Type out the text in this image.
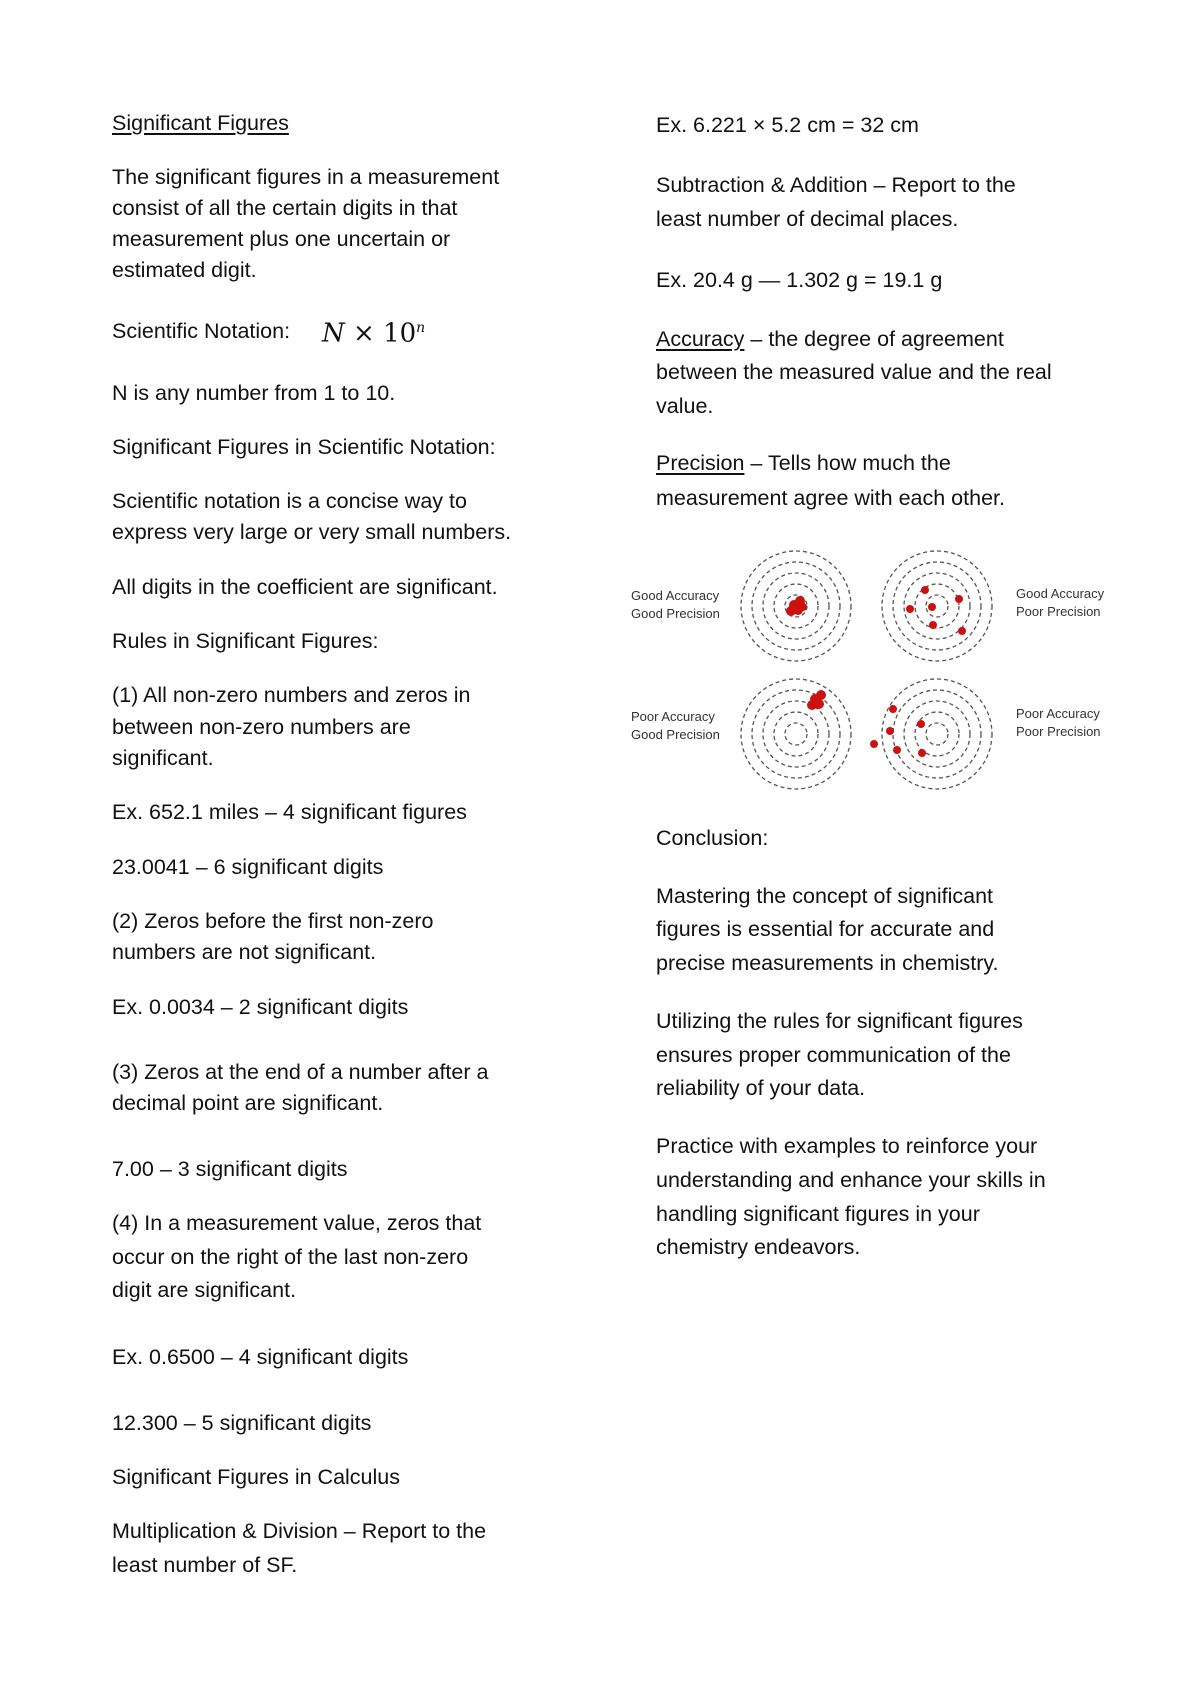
Significant Figures

The significant figures in a measurement

consist of all the certain digits in that

measurement plus one uncertain or

estimated digit.

Scientific Notation: $N \times 10^n$

N is any number from 1 to 10.

Significant Figures in Scientific Notation:

Scientific notation is a concise way to

express very large or very small numbers.

All digits in the coefficient are significant.

Rules in Significant Figures:

(1) All non-zero numbers and zeros in

between non-zero numbers are

significant.

Ex. 652.1 miles – 4 significant figures

23.0041 – 6 significant digits

(2) Zeros before the first non-zero

numbers are not significant.

Ex. 0.0034 – 2 significant digits

(3) Zeros at the end of a number after a

decimal point are significant.

7.00 – 3 significant digits

(4) In a measurement value, zeros that

occur on the right of the last non-zero

digit are significant.

Ex. 0.6500 – 4 significant digits

12.300 – 5 significant digits

Significant Figures in Calculus

Multiplication & Division – Report to the

least number of SF.

Ex. 6.221 × 5.2 cm = 32 cm

Subtraction & Addition – Report to the

least number of decimal places.

Ex. 20.4 g — 1.302 g = 19.1 g

Accuracy – the degree of agreement

between the measured value and the real

value.

Precision – Tells how much the

measurement agree with each other.

Good Accuracy Good Precision
Good Accuracy Poor Precision
Poor Accuracy Good Precision
Poor Accuracy Poor Precision

Conclusion:

Mastering the concept of significant

figures is essential for accurate and

precise measurements in chemistry.

Utilizing the rules for significant figures

ensures proper communication of the

reliability of your data.

Practice with examples to reinforce your

understanding and enhance your skills in

handling significant figures in your

chemistry endeavors.
